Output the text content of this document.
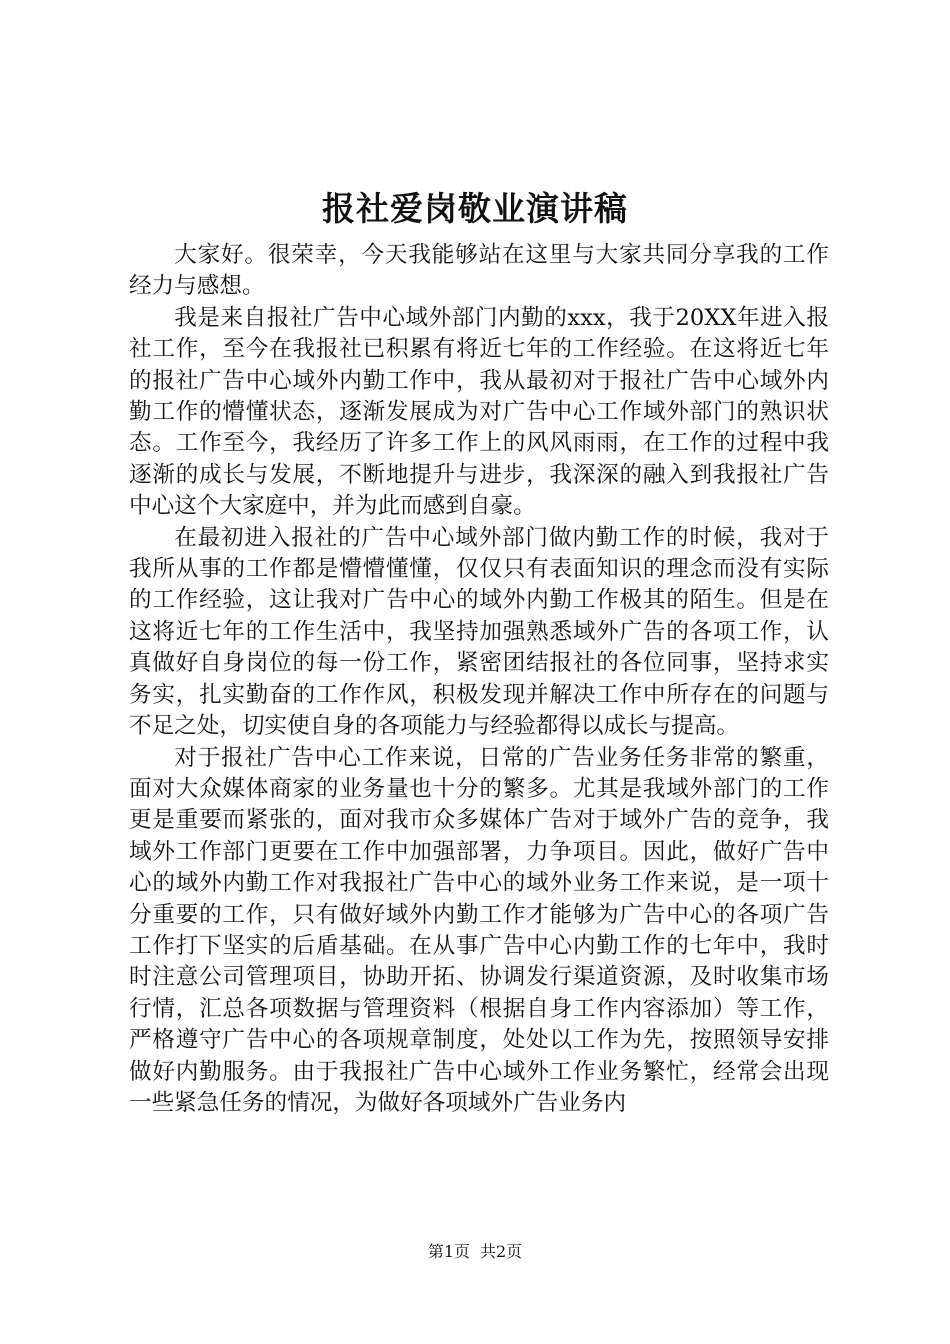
报社爱岗敬业演讲稿

大家好。很荣幸，今天我能够站在这里与大家共同分享我的工作经力与感想。

我是来自报社广告中心域外部门内勤的xxx，我于20XX年进入报社工作，至今在我报社已积累有将近七年的工作经验。在这将近七年的报社广告中心域外内勤工作中，我从最初对于报社广告中心域外内勤工作的懵懂状态，逐渐发展成为对广告中心工作域外部门的熟识状态。工作至今，我经历了许多工作上的风风雨雨，在工作的过程中我逐渐的成长与发展，不断地提升与进步，我深深的融入到我报社广告中心这个大家庭中，并为此而感到自豪。

在最初进入报社的广告中心域外部门做内勤工作的时候，我对于我所从事的工作都是懵懵懂懂，仅仅只有表面知识的理念而没有实际的工作经验，这让我对广告中心的域外内勤工作极其的陌生。但是在这将近七年的工作生活中，我坚持加强熟悉域外广告的各项工作，认真做好自身岗位的每一份工作，紧密团结报社的各位同事，坚持求实务实，扎实勤奋的工作作风，积极发现并解决工作中所存在的问题与不足之处，切实使自身的各项能力与经验都得以成长与提高。

对于报社广告中心工作来说，日常的广告业务任务非常的繁重，面对大众媒体商家的业务量也十分的繁多。尤其是我域外部门的工作更是重要而紧张的，面对我市众多媒体广告对于域外广告的竞争，我域外工作部门更要在工作中加强部署，力争项目。因此，做好广告中心的域外内勤工作对我报社广告中心的域外业务工作来说，是一项十分重要的工作，只有做好域外内勤工作才能够为广告中心的各项广告工作打下坚实的后盾基础。在从事广告中心内勤工作的七年中，我时时注意公司管理项目，协助开拓、协调发行渠道资源，及时收集市场行情，汇总各项数据与管理资料（根据自身工作内容添加）等工作，严格遵守广告中心的各项规章制度，处处以工作为先，按照领导安排做好内勤服务。由于我报社广告中心域外工作业务繁忙，经常会出现一些紧急任务的情况，为做好各项域外广告业务内

第1页 共2页
